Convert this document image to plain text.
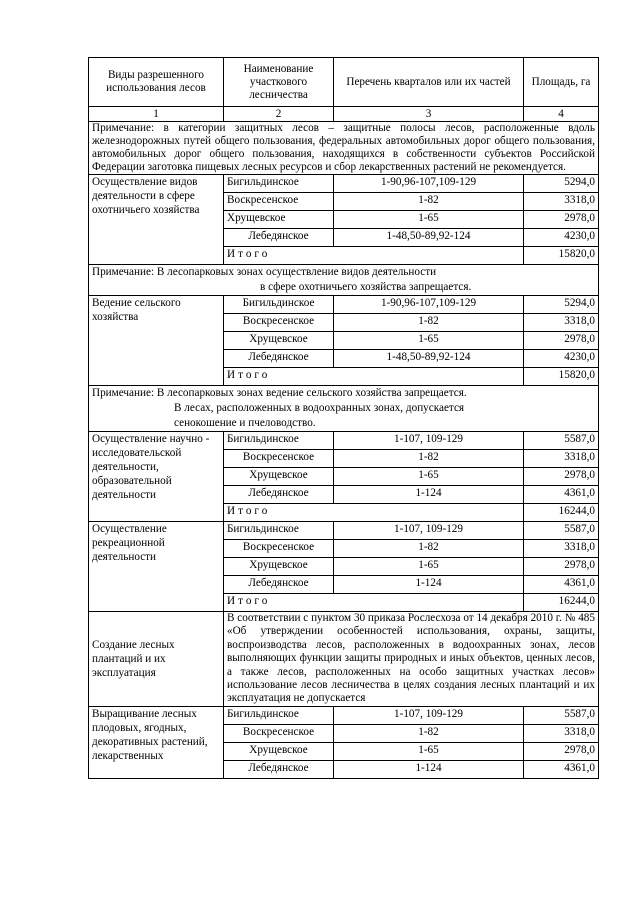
Виды разрешенного использования лесов	Наименование участкового лесничества	Перечень кварталов или их частей	Площадь, га
1	2	3	4
Примечание: в категории защитных лесов – защитные полосы лесов, расположенные вдоль железнодорожных путей общего пользования, федеральных автомобильных дорог общего пользования, автомобильных дорог общего пользования, находящихся в собственности субъектов Российской Федерации заготовка пищевых лесных ресурсов и сбор лекарственных растений не рекомендуется.			
Осуществление видов деятельности в сфере охотничьего хозяйства	Бигильдинское	1-90,96-107,109-129	5294,0
	Воскресенское	1-82	3318,0
	Хрущевское	1-65	2978,0
	Лебедянское	1-48,50-89,92-124	4230,0
	Итого		15820,0
Примечание: В лесопарковых зонах осуществление видов деятельности
в сфере охотничьего хозяйства запрещается.			

Ведение сельского хозяйства	Бигильдинское	1-90,96-107,109-129	5294,0
	Воскресенское	1-82	3318,0
	Хрущевское	1-65	2978,0
	Лебедянское	1-48,50-89,92-124	4230,0
	Итого		15820,0
Примечание: В лесопарковых зонах ведение сельского хозяйства запрещается.
В лесах, расположенных в водоохранных зонах, допускается
сенокошение и пчеловодство.			

Осуществление научно - исследовательской деятельности, образовательной деятельности	Бигильдинское	1-107, 109-129	5587,0
	Воскресенское	1-82	3318,0
	Хрущевское	1-65	2978,0
	Лебедянское	1-124	4361,0
	Итого		16244,0
Осуществление рекреационной деятельности	Бигильдинское	1-107, 109-129	5587,0
	Воскресенское	1-82	3318,0
	Хрущевское	1-65	2978,0
	Лебедянское	1-124	4361,0
	Итого		16244,0
Создание лесных плантаций и их эксплуатация	В соответствии с пунктом 30 приказа Рослесхоза от 14 декабря 2010 г. № 485 «Об утверждении особенностей использования, охраны, защиты, воспроизводства лесов, расположенных в водоохранных зонах, лесов выполняющих функции защиты природных и иных объектов, ценных лесов, а также лесов, расположенных на особо защитных участках лесов» использование лесов лесничества в целях создания лесных плантаций и их эксплуатация не допускается		
Выращивание лесных плодовых, ягодных, декоративных растений, лекарственных	Бигильдинское	1-107, 109-129	5587,0
	Воскресенское	1-82	3318,0
	Хрущевское	1-65	2978,0
	Лебедянское	1-124	4361,0
